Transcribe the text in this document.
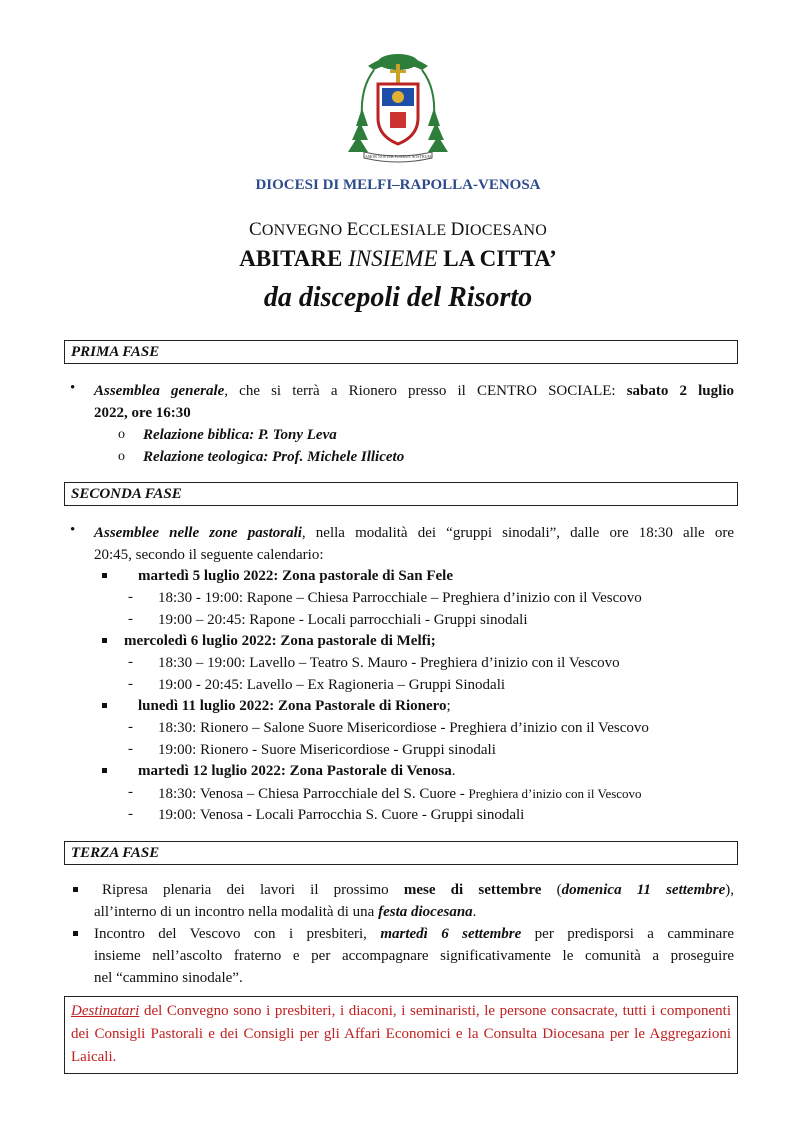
AMOR NOSTER PONDUS NOSTRUM
DIOCESI DI MELFI–RAPOLLA-VENOSA
CONVEGNO ECCLESIALE DIOCESANO
ABITARE INSIEME LA CITTA’
da discepoli del Risorto
PRIMA FASE
• Assemblea generale, che si terrà a Rionero presso il CENTRO SOCIALE: sabato 2 luglio
2022, ore 16:30
o Relazione biblica: P. Tony Leva
o Relazione teologica: Prof. Michele Illiceto
SECONDA FASE
• Assemblee nelle zone pastorali, nella modalità dei “gruppi sinodali”, dalle ore 18:30 alle ore
20:45, secondo il seguente calendario:
martedì 5 luglio 2022: Zona pastorale di San Fele
- 18:30 - 19:00: Rapone – Chiesa Parrocchiale – Preghiera d’inizio con il Vescovo
- 19:00 – 20:45: Rapone - Locali parrocchiali - Gruppi sinodali
mercoledì 6 luglio 2022: Zona pastorale di Melfi;
- 18:30 – 19:00: Lavello – Teatro S. Mauro - Preghiera d’inizio con il Vescovo
- 19:00 - 20:45: Lavello – Ex Ragioneria – Gruppi Sinodali
lunedì 11 luglio 2022: Zona Pastorale di Rionero;
- 18:30: Rionero – Salone Suore Misericordiose - Preghiera d’inizio con il Vescovo
- 19:00: Rionero - Suore Misericordiose - Gruppi sinodali
martedì 12 luglio 2022: Zona Pastorale di Venosa.
- 18:30: Venosa – Chiesa Parrocchiale del S. Cuore - Preghiera d’inizio con il Vescovo
- 19:00: Venosa - Locali Parrocchia S. Cuore - Gruppi sinodali
TERZA FASE
Ripresa plenaria dei lavori il prossimo mese di settembre (domenica 11 settembre),
all’interno di un incontro nella modalità di una festa diocesana.
Incontro del Vescovo con i presbiteri, martedì 6 settembre per predisporsi a camminare
insieme nell’ascolto fraterno e per accompagnare significativamente le comunità a proseguire
nel “cammino sinodale”.
Destinatari del Convegno sono i presbiteri, i diaconi, i seminaristi, le persone consacrate, tutti i componenti dei Consigli Pastorali e dei Consigli per gli Affari Economici e la Consulta Diocesana per le Aggregazioni Laicali.
